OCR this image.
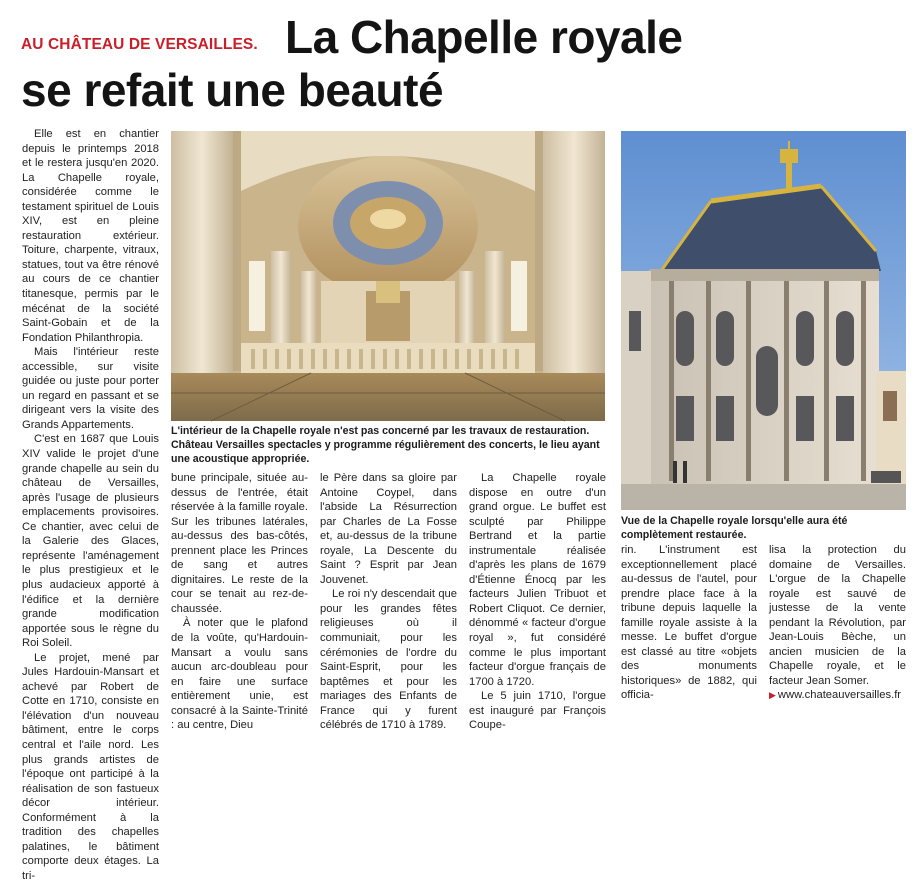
AU CHÂTEAU DE VERSAILLES. La Chapelle royale
se refait une beauté

Elle est en chantier depuis le printemps 2018 et le restera jusqu'en 2020. La Chapelle royale, considérée comme le testament spirituel de Louis XIV, est en pleine restauration extérieur. Toiture, charpente, vitraux, statues, tout va être rénové au cours de ce chantier titanesque, permis par le mécénat de la société Saint-Gobain et de la Fondation Philanthropia.

Mais l'intérieur reste accessible, sur visite guidée ou juste pour porter un regard en passant et se dirigeant vers la visite des Grands Appartements.

C'est en 1687 que Louis XIV valide le projet d'une grande chapelle au sein du château de Versailles, après l'usage de plusieurs emplacements provisoires. Ce chantier, avec celui de la Galerie des Glaces, représente l'aménagement le plus prestigieux et le plus audacieux apporté à l'édifice et la dernière grande modification apportée sous le règne du Roi Soleil.

Le projet, mené par Jules Hardouin-Mansart et achevé par Robert de Cotte en 1710, consiste en l'élévation d'un nouveau bâtiment, entre le corps central et l'aile nord. Les plus grands artistes de l'époque ont participé à la réalisation de son fastueux décor intérieur. Conformément à la tradition des chapelles palatines, le bâtiment comporte deux étages. La tri-

L'intérieur de la Chapelle royale n'est pas concerné par les travaux de restauration. Château Versailles spectacles y programme régulièrement des concerts, le lieu ayant une acoustique appropriée.
Vue de la Chapelle royale lorsqu'elle aura été complètement restaurée.

bune principale, située au-dessus de l'entrée, était réservée à la famille royale. Sur les tribunes latérales, au-dessus des bas-côtés, prennent place les Princes de sang et autres dignitaires. Le reste de la cour se tenait au rez-de-chaussée.

À noter que le plafond de la voûte, qu'Hardouin-Mansart a voulu sans aucun arc-doubleau pour en faire une surface entièrement unie, est consacré à la Sainte-Trinité : au centre, Dieu

le Père dans sa gloire par Antoine Coypel, dans l'abside La Résurrection par Charles de La Fosse et, au-dessus de la tribune royale, La Descente du Saint ? Esprit par Jean Jouvenet.

Le roi n'y descendait que pour les grandes fêtes religieuses où il communiait, pour les cérémonies de l'ordre du Saint-Esprit, pour les baptêmes et pour les mariages des Enfants de France qui y furent célébrés de 1710 à 1789.

La Chapelle royale dispose en outre d'un grand orgue. Le buffet est sculpté par Philippe Bertrand et la partie instrumentale réalisée d'après les plans de 1679 d'Étienne Énocq par les facteurs Julien Tribuot et Robert Cliquot. Ce dernier, dénommé « facteur d'orgue royal », fut considéré comme le plus important facteur d'orgue français de 1700 à 1720.

Le 5 juin 1710, l'orgue est inauguré par François Coupe-

rin. L'instrument est exceptionnellement placé au-dessus de l'autel, pour prendre place face à la tribune depuis laquelle la famille royale assiste à la messe. Le buffet d'orgue est classé au titre «objets des monuments historiques» de 1882, qui officia-

lisa la protection du domaine de Versailles. L'orgue de la Chapelle royale est sauvé de justesse de la vente pendant la Révolution, par Jean-Louis Bèche, un ancien musicien de la Chapelle royale, et le facteur Jean Somer.

▶ www.chateauversailles.fr
